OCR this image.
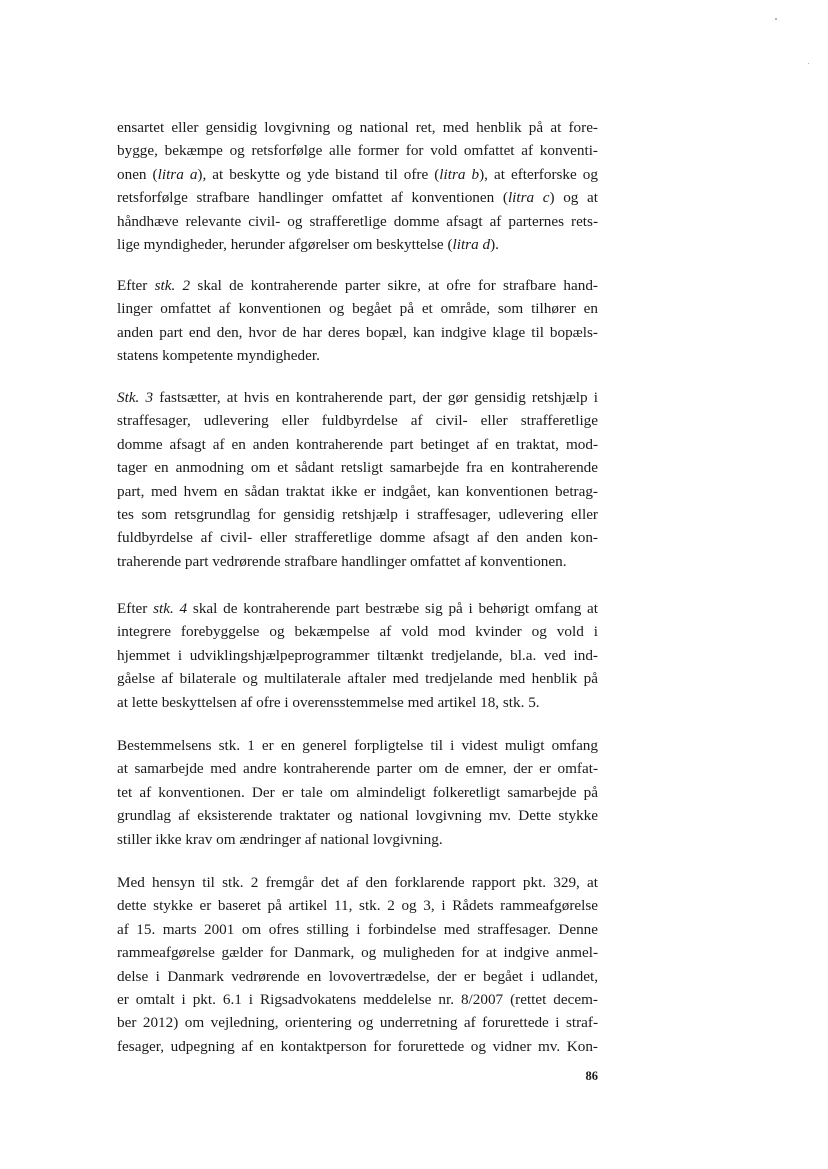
ensartet eller gensidig lovgivning og national ret, med henblik på at fore-
bygge, bekæmpe og retsforfølge alle former for vold omfattet af konventi-
onen (litra a), at beskytte og yde bistand til ofre (litra b), at efterforske og
retsforfølge strafbare handlinger omfattet af konventionen (litra c) og at
håndhæve relevante civil- og strafferetlige domme afsagt af parternes rets-
lige myndigheder, herunder afgørelser om beskyttelse (litra d).
Efter stk. 2 skal de kontraherende parter sikre, at ofre for strafbare hand-
linger omfattet af konventionen og begået på et område, som tilhører en
anden part end den, hvor de har deres bopæl, kan indgive klage til bopæls-
statens kompetente myndigheder.
Stk. 3 fastsætter, at hvis en kontraherende part, der gør gensidig retshjælp i
straffesager, udlevering eller fuldbyrdelse af civil- eller strafferetlige
domme afsagt af en anden kontraherende part betinget af en traktat, mod-
tager en anmodning om et sådant retsligt samarbejde fra en kontraherende
part, med hvem en sådan traktat ikke er indgået, kan konventionen betrag-
tes som retsgrundlag for gensidig retshjælp i straffesager, udlevering eller
fuldbyrdelse af civil- eller strafferetlige domme afsagt af den anden kon-
traherende part vedrørende strafbare handlinger omfattet af konventionen.
Efter stk. 4 skal de kontraherende part bestræbe sig på i behørigt omfang at
integrere forebyggelse og bekæmpelse af vold mod kvinder og vold i
hjemmet i udviklingshjælpeprogrammer tiltænkt tredjelande, bl.a. ved ind-
gåelse af bilaterale og multilaterale aftaler med tredjelande med henblik på
at lette beskyttelsen af ofre i overensstemmelse med artikel 18, stk. 5.
Bestemmelsens stk. 1 er en generel forpligtelse til i videst muligt omfang
at samarbejde med andre kontraherende parter om de emner, der er omfat-
tet af konventionen. Der er tale om almindeligt folkeretligt samarbejde på
grundlag af eksisterende traktater og national lovgivning mv. Dette stykke
stiller ikke krav om ændringer af national lovgivning.
Med hensyn til stk. 2 fremgår det af den forklarende rapport pkt. 329, at
dette stykke er baseret på artikel 11, stk. 2 og 3, i Rådets rammeafgørelse
af 15. marts 2001 om ofres stilling i forbindelse med straffesager. Denne
rammeafgørelse gælder for Danmark, og muligheden for at indgive anmel-
delse i Danmark vedrørende en lovovertrædelse, der er begået i udlandet,
er omtalt i pkt. 6.1 i Rigsadvokatens meddelelse nr. 8/2007 (rettet decem-
ber 2012) om vejledning, orientering og underretning af forurettede i straf-
fesager, udpegning af en kontaktperson for forurettede og vidner mv. Kon-

86
